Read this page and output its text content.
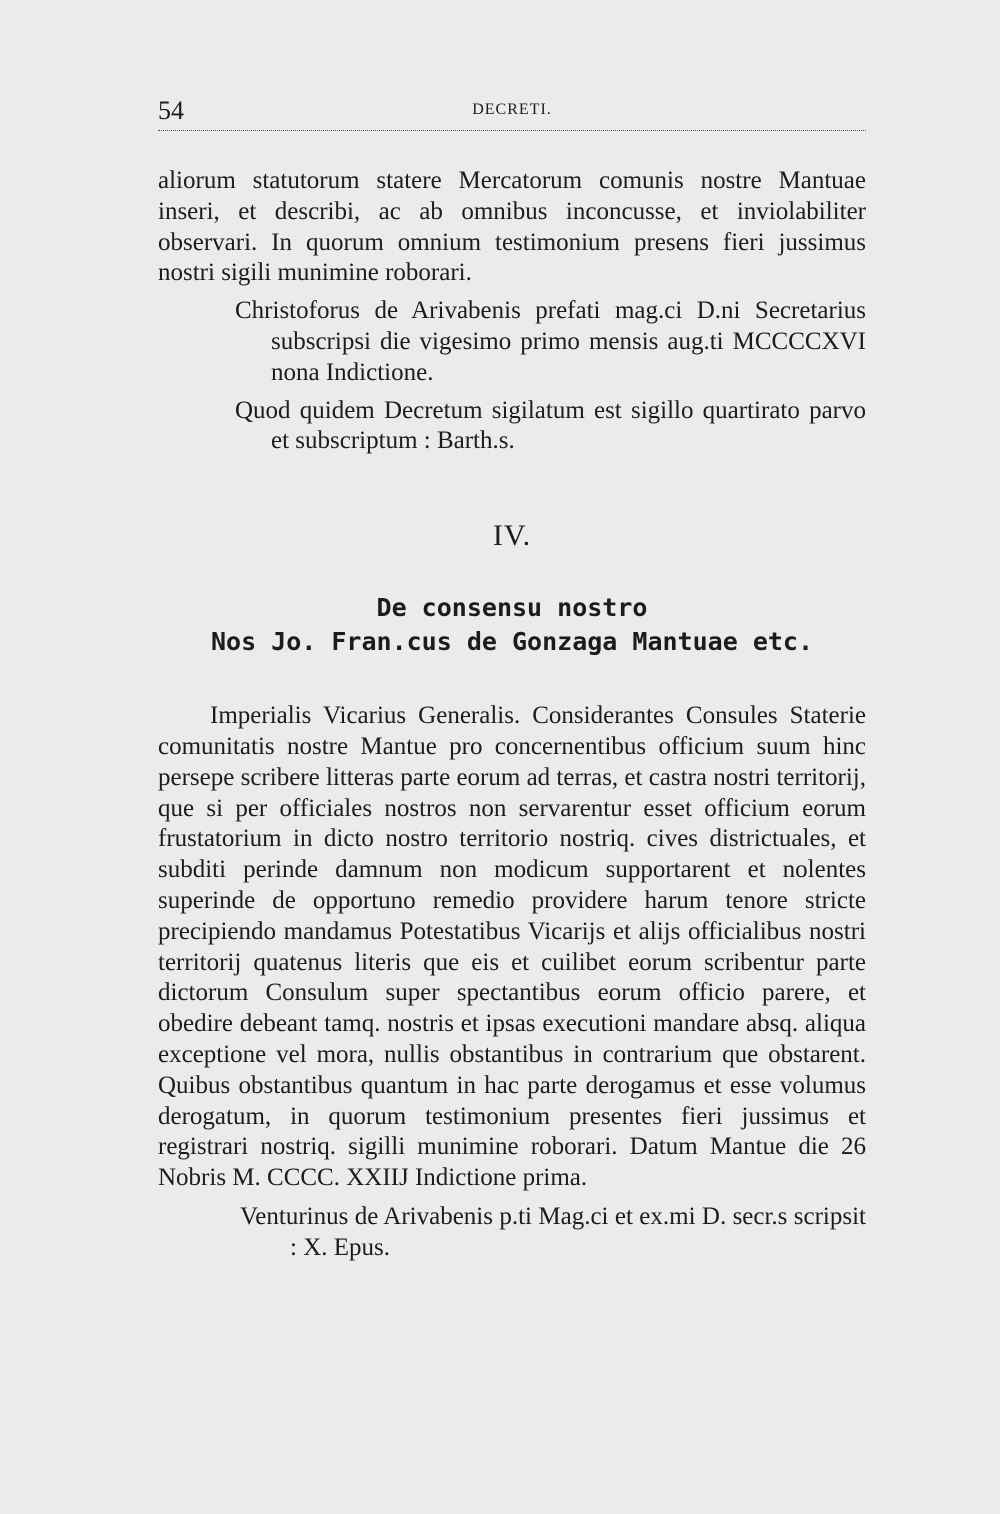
54	DECRETI.

aliorum statutorum statere Mercatorum comunis nostre Mantuae inseri, et describi, ac ab omnibus inconcusse, et inviolabiliter observari. In quorum omnium testimonium presens fieri jussimus nostri sigili munimine roborari.

Christoforus de Arivabenis prefati mag.ci D.ni Secretarius subscripsi die vigesimo primo mensis aug.ti MCCCCXVI nona Indictione.

Quod quidem Decretum sigilatum est sigillo quartirato parvo et subscriptum : Barth.s.

IV.
De consensu nostro
Nos Jo. Fran.cus de Gonzaga Mantuae etc.

Imperialis Vicarius Generalis. Considerantes Consules Staterie comunitatis nostre Mantue pro concernentibus officium suum hinc persepe scribere litteras parte eorum ad terras, et castra nostri territorij, que si per officiales nostros non servarentur esset officium eorum frustatorium in dicto nostro territorio nostriq. cives districtuales, et subditi perinde damnum non modicum supportarent et nolentes superinde de opportuno remedio providere harum tenore stricte precipiendo mandamus Potestatibus Vicarijs et alijs officialibus nostri territorij quatenus literis que eis et cuilibet eorum scribentur parte dictorum Consulum super spectantibus eorum officio parere, et obedire debeant tamq. nostris et ipsas executioni mandare absq. aliqua exceptione vel mora, nullis obstantibus in contrarium que obstarent. Quibus obstantibus quantum in hac parte derogamus et esse volumus derogatum, in quorum testimonium presentes fieri jussimus et registrari nostriq. sigilli munimine roborari. Datum Mantue die 26 Nobris M. CCCC. XXIIJ Indictione prima.

Venturinus de Arivabenis p.ti Mag.ci et ex.mi D. secr.s scripsit : X. Epus.
